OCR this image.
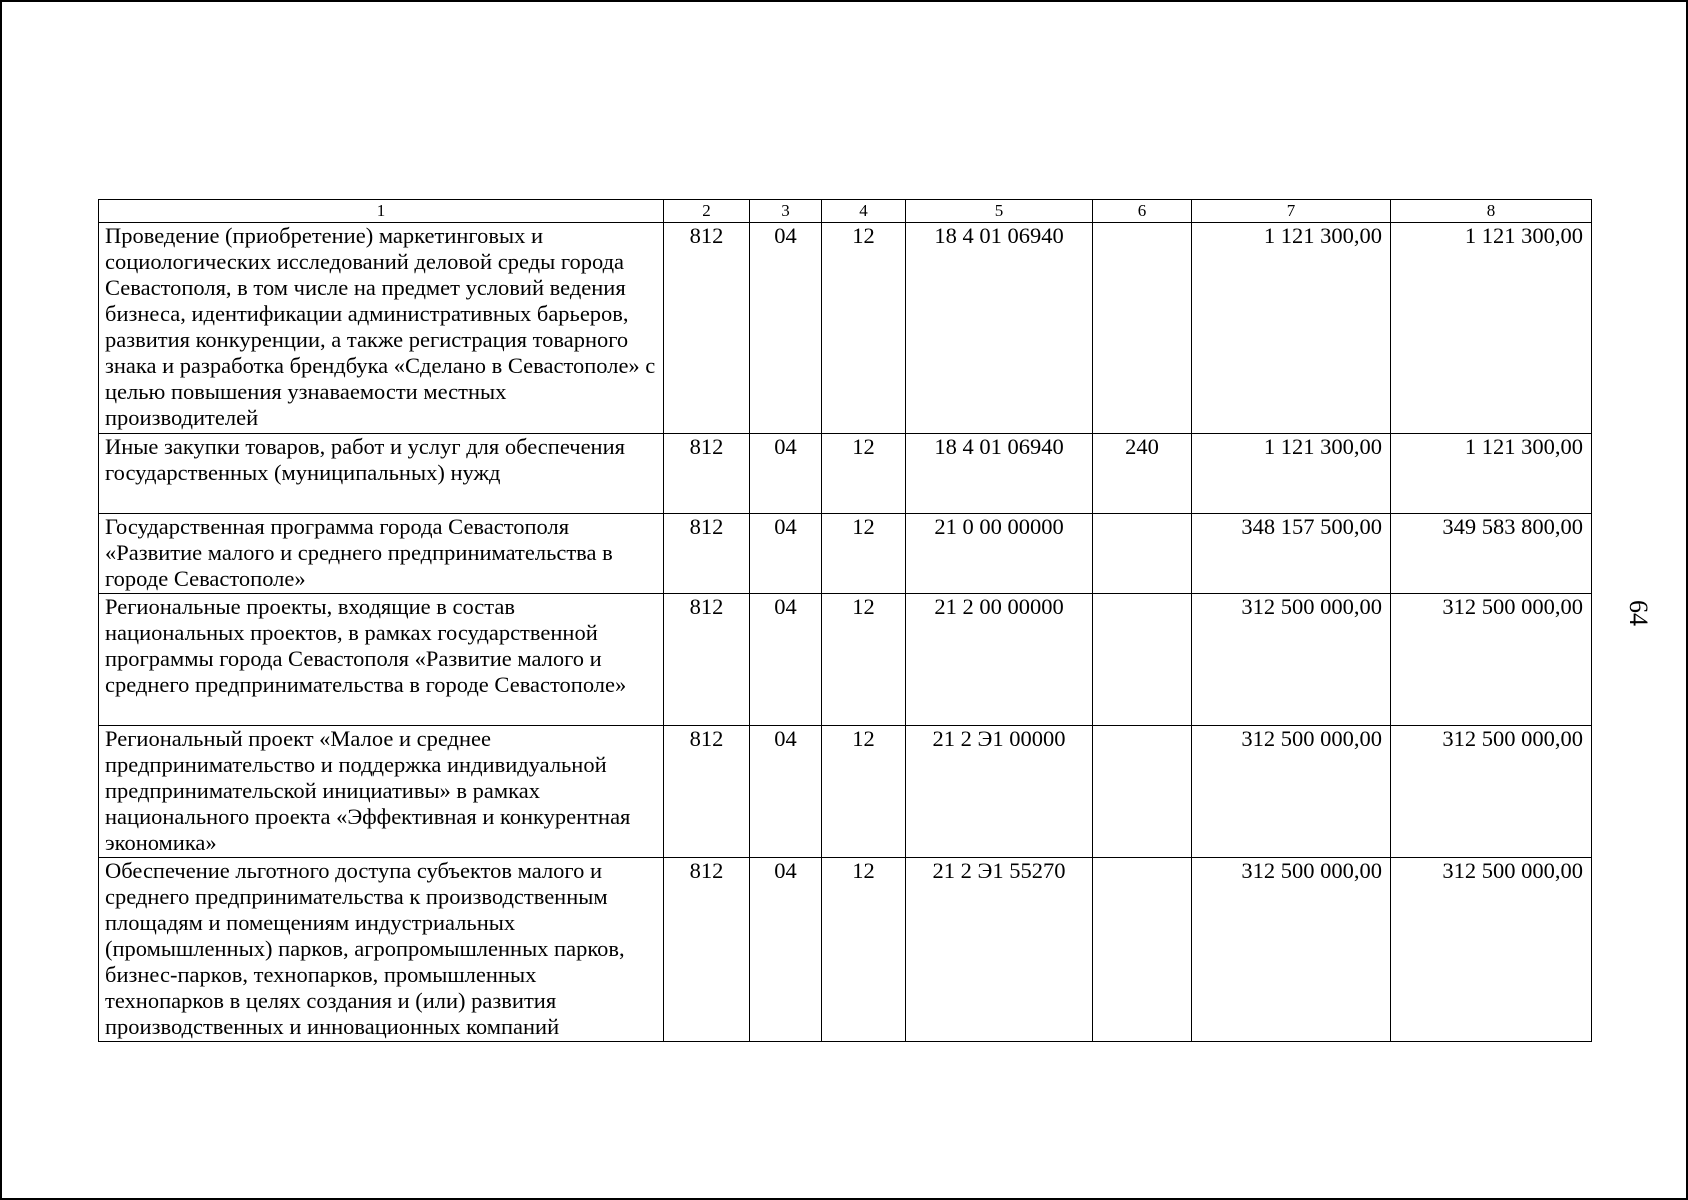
1	2	3	4	5	6	7	8
Проведение (приобретение) маркетинговых и социологических исследований деловой среды города Севастополя, в том числе на предмет условий ведения бизнеса, идентификации административных барьеров, развития конкуренции, а также регистрация товарного знака и разработка брендбука «Сделано в Севастополе» с целью повышения узнаваемости местных производителей	812	04	12	18 4 01 06940		1 121 300,00	1 121 300,00
Иные закупки товаров, работ и услуг для обеспечения государственных (муниципальных) нужд	812	04	12	18 4 01 06940	240	1 121 300,00	1 121 300,00
Государственная программа города Севастополя «Развитие малого и среднего предпринимательства в городе Севастополе»	812	04	12	21 0 00 00000		348 157 500,00	349 583 800,00
Региональные проекты, входящие в состав национальных проектов, в рамках государственной программы города Севастополя «Развитие малого и среднего предпринимательства в городе Севастополе»	812	04	12	21 2 00 00000		312 500 000,00	312 500 000,00
Региональный проект «Малое и среднее предпринимательство и поддержка индивидуальной предпринимательской инициативы» в рамках национального проекта «Эффективная и конкурентная экономика»	812	04	12	21 2 Э1 00000		312 500 000,00	312 500 000,00
Обеспечение льготного доступа субъектов малого и среднего предпринимательства к производственным площадям и помещениям индустриальных (промышленных) парков, агропромышленных парков, бизнес-парков, технопарков, промышленных технопарков в целях создания и (или) развития производственных и инновационных компаний	812	04	12	21 2 Э1 55270		312 500 000,00	312 500 000,00
64
